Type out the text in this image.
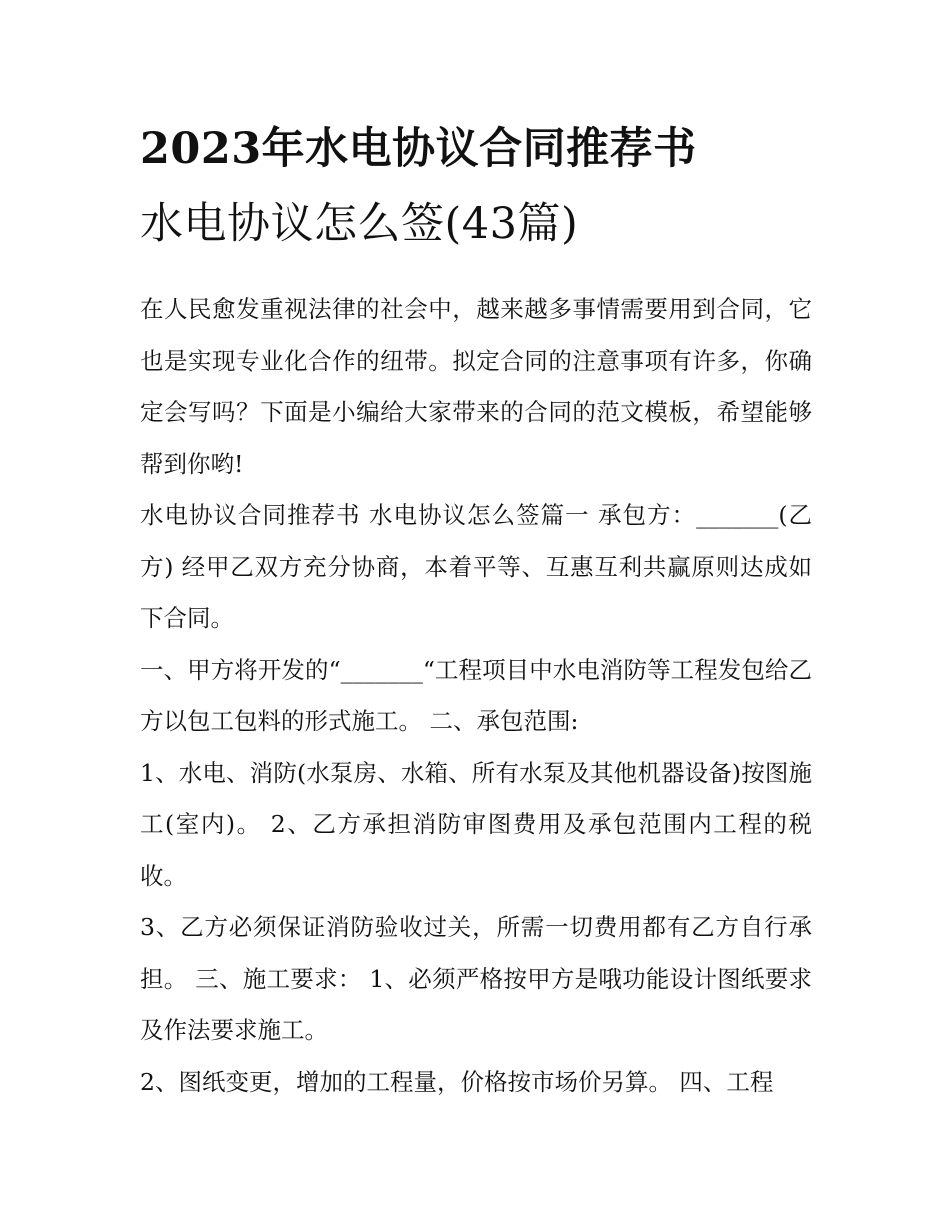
2023年水电协议合同推荐书
水电协议怎么签(43篇)

在人民愈发重视法律的社会中，越来越多事情需要用到合同，它也是实现专业化合作的纽带。拟定合同的注意事项有许多，你确定会写吗？下面是小编给大家带来的合同的范文模板，希望能够帮到你哟!

水电协议合同推荐书 水电协议怎么签篇一 承包方：_______(乙方) 经甲乙双方充分协商，本着平等、互惠互利共赢原则达成如下合同。

一、甲方将开发的“_______“工程项目中水电消防等工程发包给乙方以包工包料的形式施工。 二、承包范围:

1、水电、消防(水泵房、水箱、所有水泵及其他机器设备)按图施工(室内)。 2、乙方承担消防审图费用及承包范围内工程的税收。

3、乙方必须保证消防验收过关，所需一切费用都有乙方自行承担。 三、施工要求： 1、必须严格按甲方是哦功能设计图纸要求及作法要求施工。

2、图纸变更，增加的工程量，价格按市场价另算。 四、工程
